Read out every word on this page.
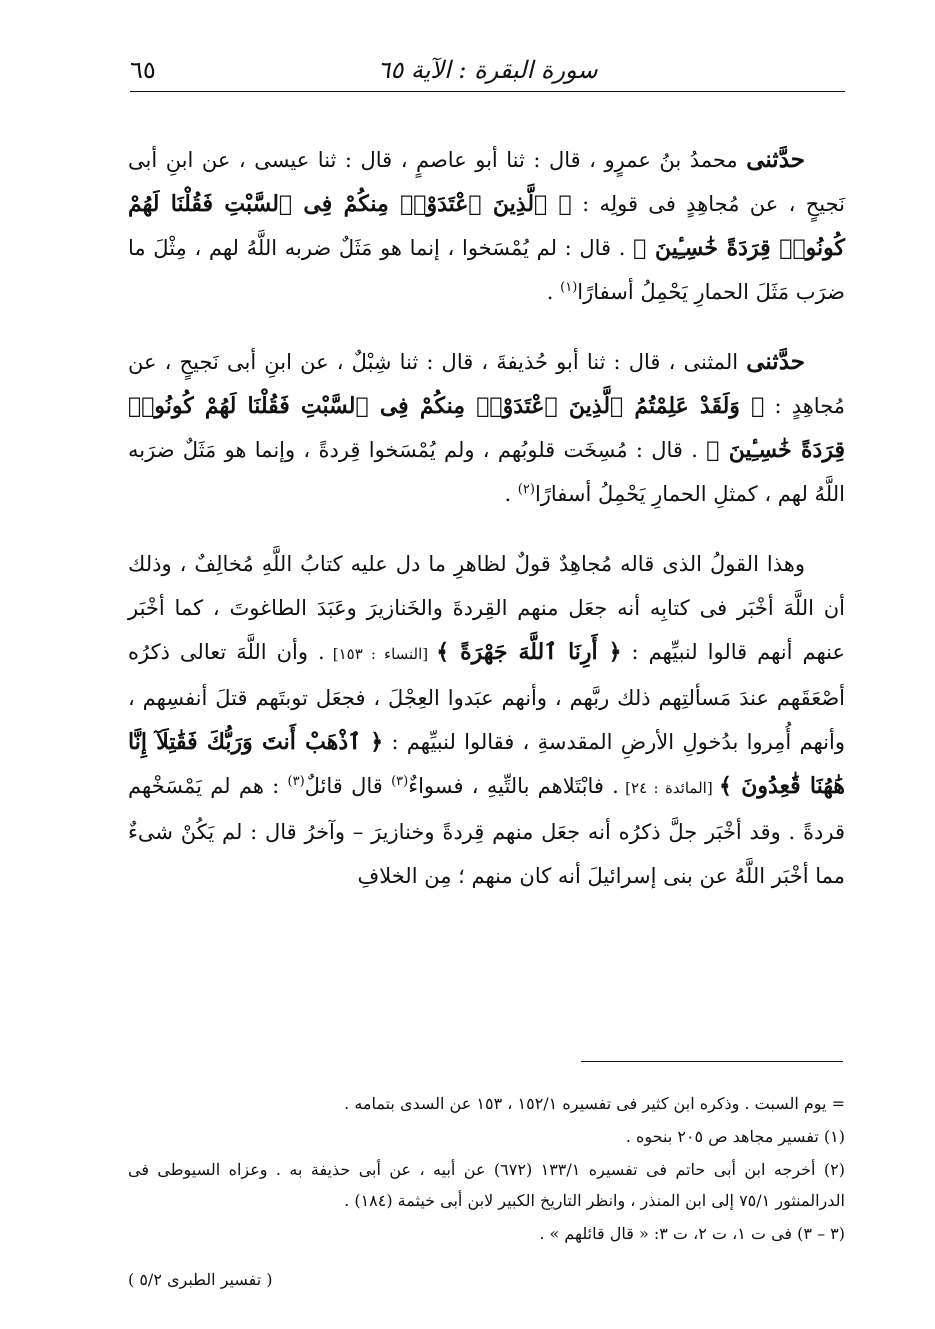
سورة البقرة : الآية ٦٥
٦٥

حدَّثنى محمدُ بنُ عمرٍو ، قال : ثنا أبو عاصمٍ ، قال : ثنا عيسى ، عن ابنِ أبى نَجيحٍ ، عن مُجاهِدٍ فى قولِه : ﴿ ٱلَّذِينَ ٱعْتَدَوْا۟ مِنكُمْ فِى ٱلسَّبْتِ فَقُلْنَا لَهُمْ كُونُوا۟ قِرَدَةً خَٰسِـِٔينَ ﴾ . قال : لم يُمْسَخوا ، إنما هو مَثَلٌ ضربه اللَّهُ لهم ، مِثْلَ ما ضرَب مَثَلَ الحمارِ يَحْمِلُ أسفارًا$^{(١)}$ .

حدَّثنى المثنى ، قال : ثنا أبو حُذيفةَ ، قال : ثنا شِبْلٌ ، عن ابنِ أبى نَجيحٍ ، عن مُجاهِدٍ : ﴿ وَلَقَدْ عَلِمْتُمُ ٱلَّذِينَ ٱعْتَدَوْا۟ مِنكُمْ فِى ٱلسَّبْتِ فَقُلْنَا لَهُمْ كُونُوا۟ قِرَدَةً خَٰسِـِٔينَ ﴾ . قال : مُسِخَت قلوبُهم ، ولم يُمْسَخوا قِردةً ، وإنما هو مَثَلٌ ضرَبه اللَّهُ لهم ، كمثلِ الحمارِ يَحْمِلُ أسفارًا$^{(٢)}$ .

وهذا القولُ الذى قاله مُجاهِدٌ قولٌ لظاهرِ ما دل عليه كتابُ اللَّهِ مُخالِفٌ ، وذلك أن اللَّهَ أخْبَر فى كتابِه أنه جعَل منهم القِردةَ والخَنازيرَ وعَبَدَ الطاغوتَ ، كما أخْبَر عنهم أنهم قالوا لنبيِّهم : ﴿ أَرِنَا ٱللَّهَ جَهْرَةً ﴾ [النساء : ١٥٣] . وأن اللَّهَ تعالى ذكرُه أصْعَقَهم عندَ مَسألتِهم ذلك ربَّهم ، وأنهم عبَدوا العِجْلَ ، فجعَل توبتَهم قتلَ أنفسِهم ، وأنهم أُمِروا بدُخولِ الأرضِ المقدسةِ ، فقالوا لنبيِّهم : ﴿ ٱذْهَبْ أَنتَ وَرَبُّكَ فَقَٰتِلَآ إِنَّا هَٰهُنَا قَٰعِدُونَ ﴾ [المائدة : ٢٤] . فابْتَلاهم بالتِّيهِ ، فسواءٌ$^{(٣)}$ قال قائلٌ$^{(٣)}$ : هم لم يَمْسَخْهم قردةً . وقد أخْبَر جلَّ ذكرُه أنه جعَل منهم قِردةً وخنازيرَ – وآخرُ قال : لم يَكُنْ شىءٌ مما أخْبَر اللَّهُ عن بنى إسرائيلَ أنه كان منهم ؛ مِن الخلافِ

= يوم السبت . وذكره ابن كثير فى تفسيره ١٥٢/١ ، ١٥٣ عن السدى بتمامه .

(١) تفسير مجاهد ص ٢٠٥ بنحوه .

(٢) أخرجه ابن أبى حاتم فى تفسيره ١٣٣/١ (٦٧٢) عن أبيه ، عن أبى حذيفة به . وعزاه السيوطى فى الدرالمنثور ٧٥/١ إلى ابن المنذر ، وانظر التاريخ الكبير لابن أبى خيثمة (١٨٤) .

(٣ – ٣) فى ت ١، ت ٢، ت ٣: « قال قائلهم » .

( تفسير الطبرى ٥/٢ )
